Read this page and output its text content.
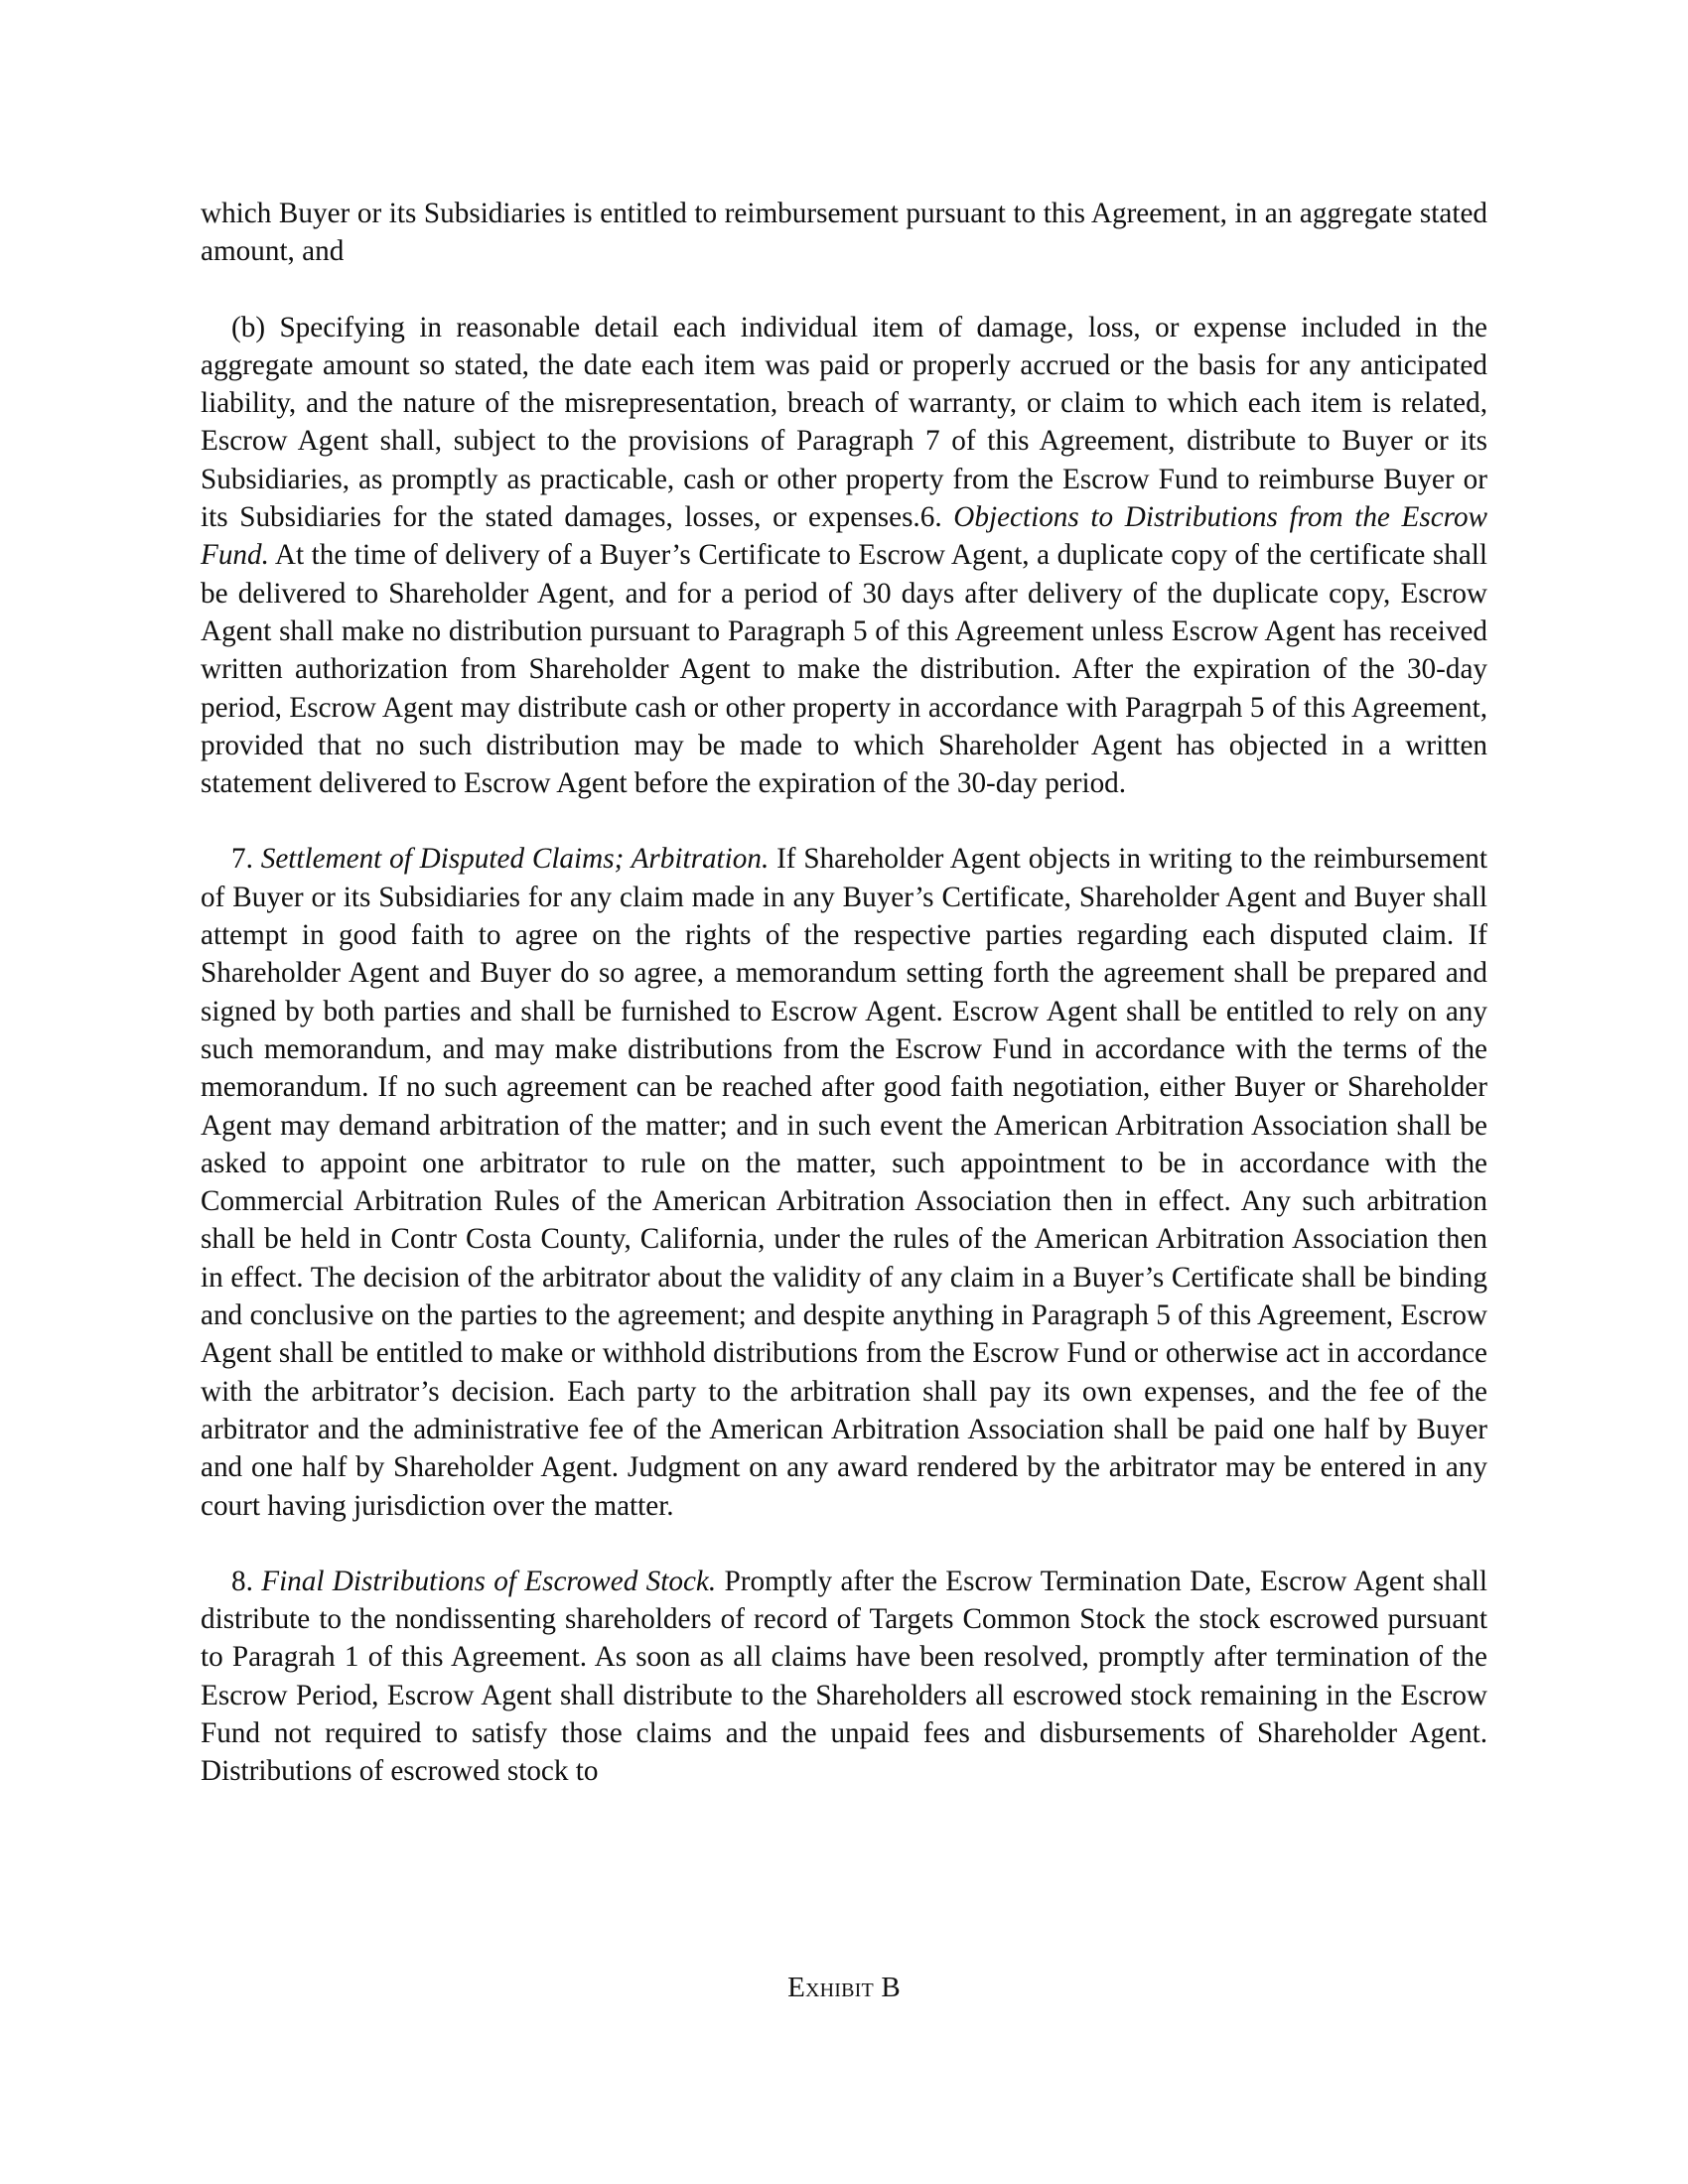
which Buyer or its Subsidiaries is entitled to reimbursement pursuant to this Agreement, in an aggregate stated amount, and

(b) Specifying in reasonable detail each individual item of damage, loss, or expense included in the aggregate amount so stated, the date each item was paid or properly accrued or the basis for any anticipated liability, and the nature of the misrepresentation, breach of warranty, or claim to which each item is related, Escrow Agent shall, subject to the provisions of Paragraph 7 of this Agreement, distribute to Buyer or its Subsidiaries, as promptly as practicable, cash or other property from the Escrow Fund to reimburse Buyer or its Subsidiaries for the stated damages, losses, or expenses.6. Objections to Distributions from the Escrow Fund. At the time of delivery of a Buyer’s Certificate to Escrow Agent, a duplicate copy of the certificate shall be delivered to Shareholder Agent, and for a period of 30 days after delivery of the duplicate copy, Escrow Agent shall make no distribution pursuant to Paragraph 5 of this Agreement unless Escrow Agent has received written authorization from Shareholder Agent to make the distribution. After the expiration of the 30-day period, Escrow Agent may distribute cash or other property in accordance with Paragrpah 5 of this Agreement, provided that no such distribution may be made to which Shareholder Agent has objected in a written statement delivered to Escrow Agent before the expiration of the 30-day period.

7. Settlement of Disputed Claims; Arbitration. If Shareholder Agent objects in writing to the reimbursement of Buyer or its Subsidiaries for any claim made in any Buyer’s Certificate, Shareholder Agent and Buyer shall attempt in good faith to agree on the rights of the respective parties regarding each disputed claim. If Shareholder Agent and Buyer do so agree, a memorandum setting forth the agreement shall be prepared and signed by both parties and shall be furnished to Escrow Agent. Escrow Agent shall be entitled to rely on any such memorandum, and may make distributions from the Escrow Fund in accordance with the terms of the memorandum. If no such agreement can be reached after good faith negotiation, either Buyer or Shareholder Agent may demand arbitration of the matter; and in such event the American Arbitration Association shall be asked to appoint one arbitrator to rule on the matter, such appointment to be in accordance with the Commercial Arbitration Rules of the American Arbitration Association then in effect. Any such arbitration shall be held in Contr Costa County, California, under the rules of the American Arbitration Association then in effect. The decision of the arbitrator about the validity of any claim in a Buyer’s Certificate shall be binding and conclusive on the parties to the agreement; and despite anything in Paragraph 5 of this Agreement, Escrow Agent shall be entitled to make or withhold distributions from the Escrow Fund or otherwise act in accordance with the arbitrator’s decision. Each party to the arbitration shall pay its own expenses, and the fee of the arbitrator and the administrative fee of the American Arbitration Association shall be paid one half by Buyer and one half by Shareholder Agent. Judgment on any award rendered by the arbitrator may be entered in any court having jurisdiction over the matter.

8. Final Distributions of Escrowed Stock. Promptly after the Escrow Termination Date, Escrow Agent shall distribute to the nondissenting shareholders of record of Targets Common Stock the stock escrowed pursuant to Paragrah 1 of this Agreement. As soon as all claims have been resolved, promptly after termination of the Escrow Period, Escrow Agent shall distribute to the Shareholders all escrowed stock remaining in the Escrow Fund not required to satisfy those claims and the unpaid fees and disbursements of Shareholder Agent. Distributions of escrowed stock to

Exhibit B
